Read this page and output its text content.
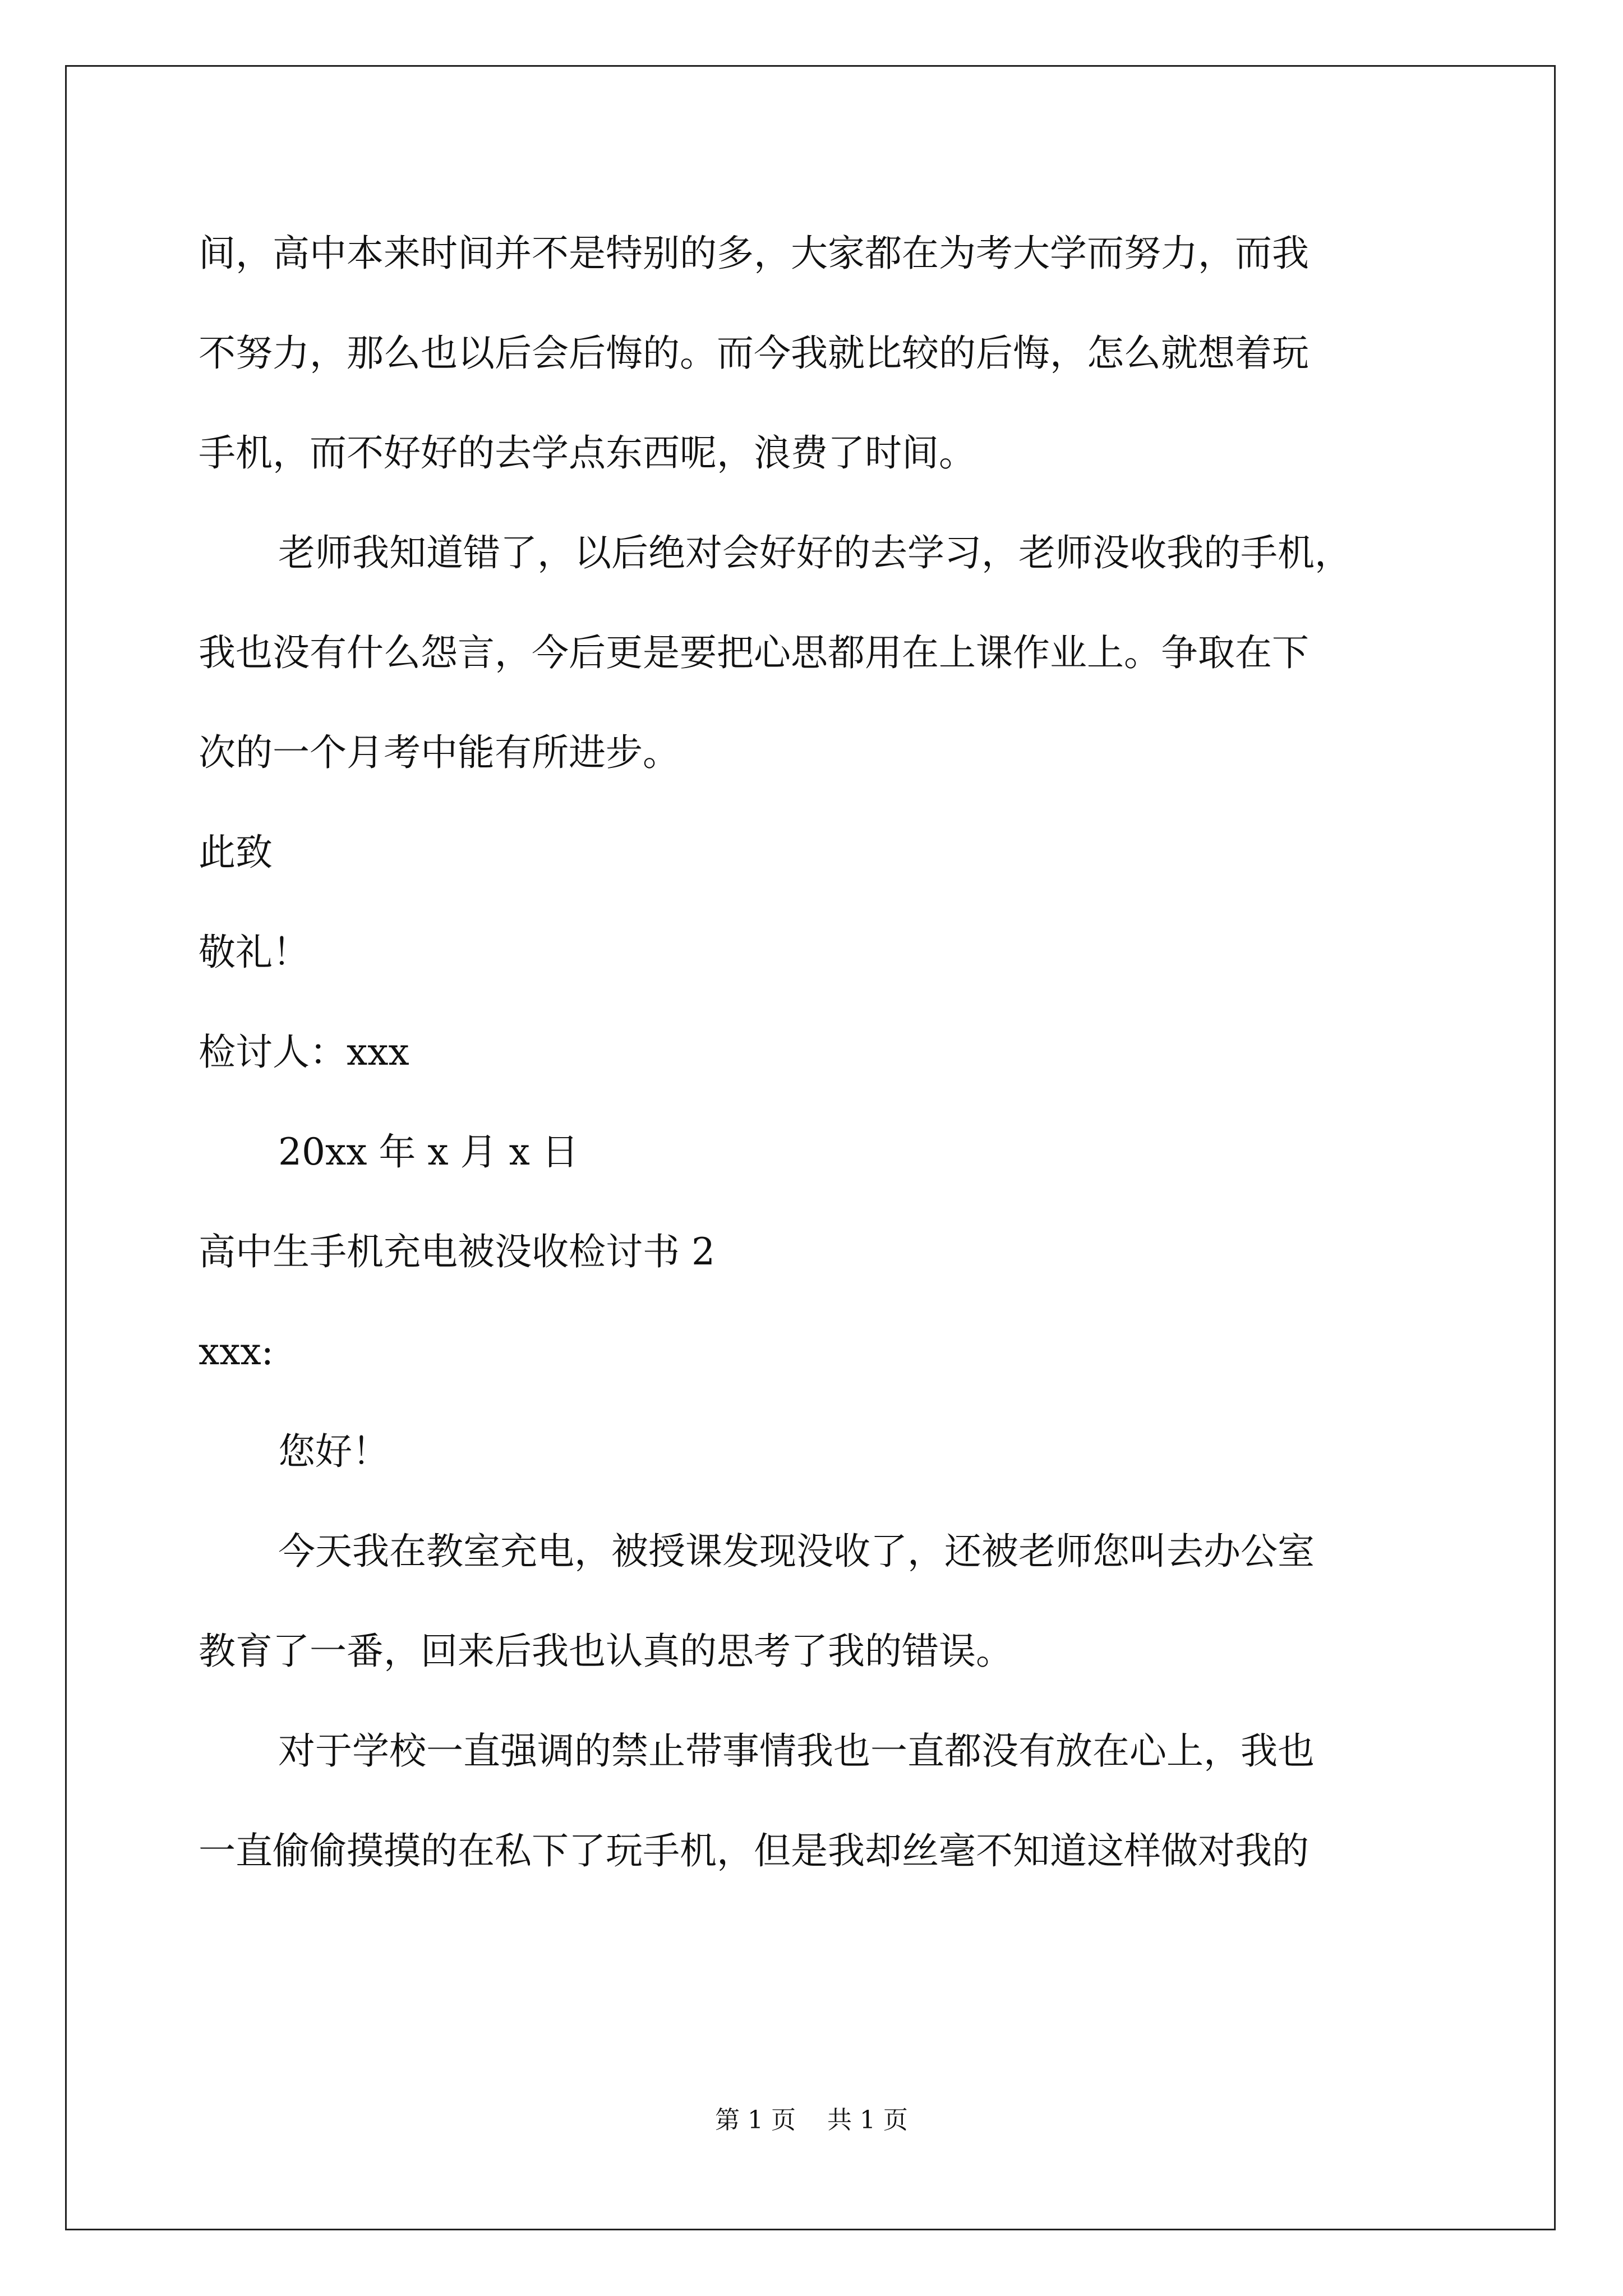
间，高中本来时间并不是特别的多，大家都在为考大学而努力，而我
不努力，那么也以后会后悔的。而今我就比较的后悔，怎么就想着玩
手机，而不好好的去学点东西呢，浪费了时间。
老师我知道错了，以后绝对会好好的去学习，老师没收我的手机，
我也没有什么怨言，今后更是要把心思都用在上课作业上。争取在下
次的一个月考中能有所进步。
此致
敬礼！
检讨人：xxx
20xx 年 x 月 x 日
高中生手机充电被没收检讨书 2
xxx:
您好！
今天我在教室充电，被授课发现没收了，还被老师您叫去办公室
教育了一番，回来后我也认真的思考了我的错误。
对于学校一直强调的禁止带事情我也一直都没有放在心上，我也
一直偷偷摸摸的在私下了玩手机，但是我却丝毫不知道这样做对我的
第 1 页    共 1 页
